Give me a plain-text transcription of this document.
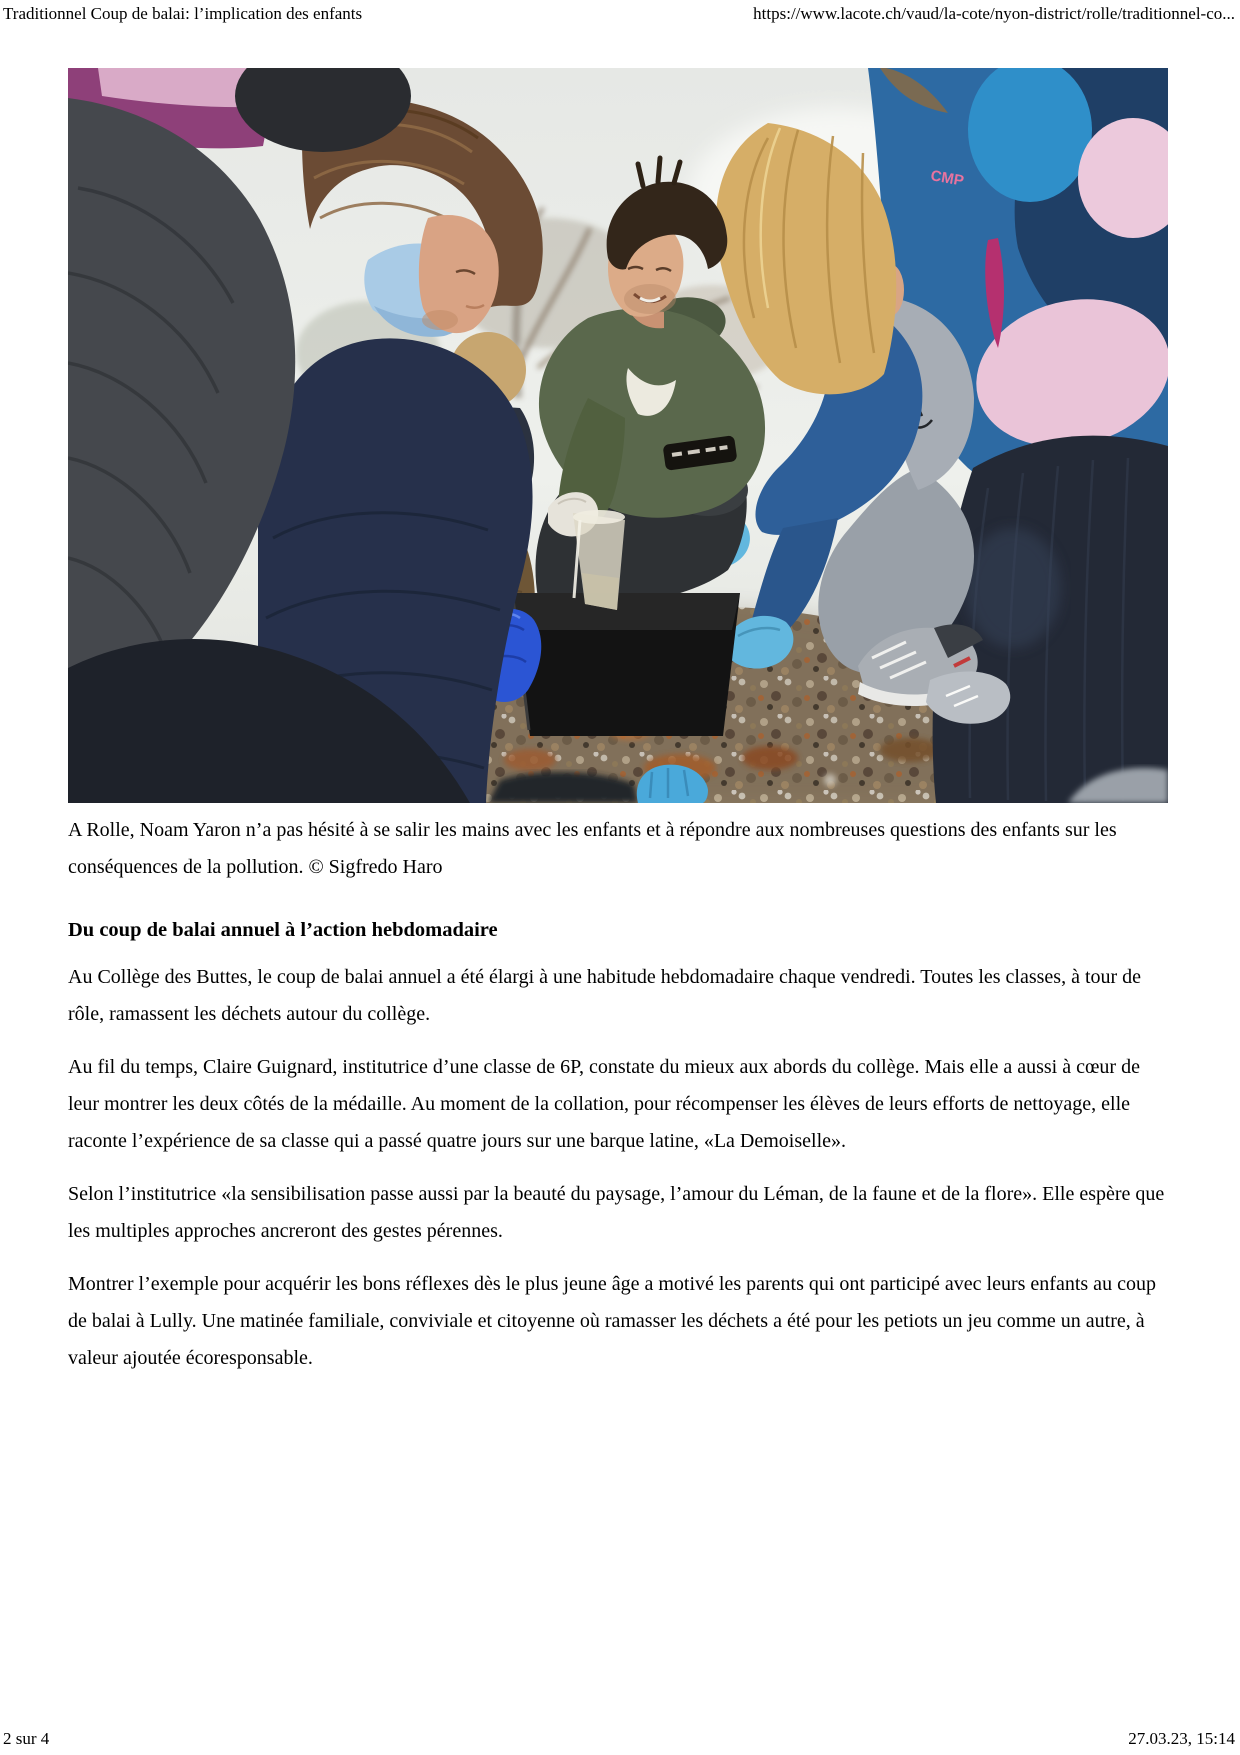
Traditionnel Coup de balai: l’implication des enfants	https://www.lacote.ch/vaud/la-cote/nyon-district/rolle/traditionnel-co...
CMP
A Rolle, Noam Yaron n’a pas hésité à se salir les mains avec les enfants et à répondre aux nombreuses questions des enfants sur les conséquences de la pollution. © Sigfredo Haro
Du coup de balai annuel à l’action hebdomadaire

Au Collège des Buttes, le coup de balai annuel a été élargi à une habitude hebdomadaire chaque vendredi. Toutes les classes, à tour de rôle, ramassent les déchets autour du collège.

Au fil du temps, Claire Guignard, institutrice d’une classe de 6P, constate du mieux aux abords du collège. Mais elle a aussi à cœur de leur montrer les deux côtés de la médaille. Au moment de la collation, pour récompenser les élèves de leurs efforts de nettoyage, elle raconte l’expérience de sa classe qui a passé quatre jours sur une barque latine, «La Demoiselle».

Selon l’institutrice «la sensibilisation passe aussi par la beauté du paysage, l’amour du Léman, de la faune et de la flore». Elle espère que les multiples approches ancreront des gestes pérennes.

Montrer l’exemple pour acquérir les bons réflexes dès le plus jeune âge a motivé les parents qui ont participé avec leurs enfants au coup de balai à Lully. Une matinée familiale, conviviale et citoyenne où ramasser les déchets a été pour les petiots un jeu comme un autre, à valeur ajoutée écoresponsable.

2 sur 4	27.03.23, 15:14
